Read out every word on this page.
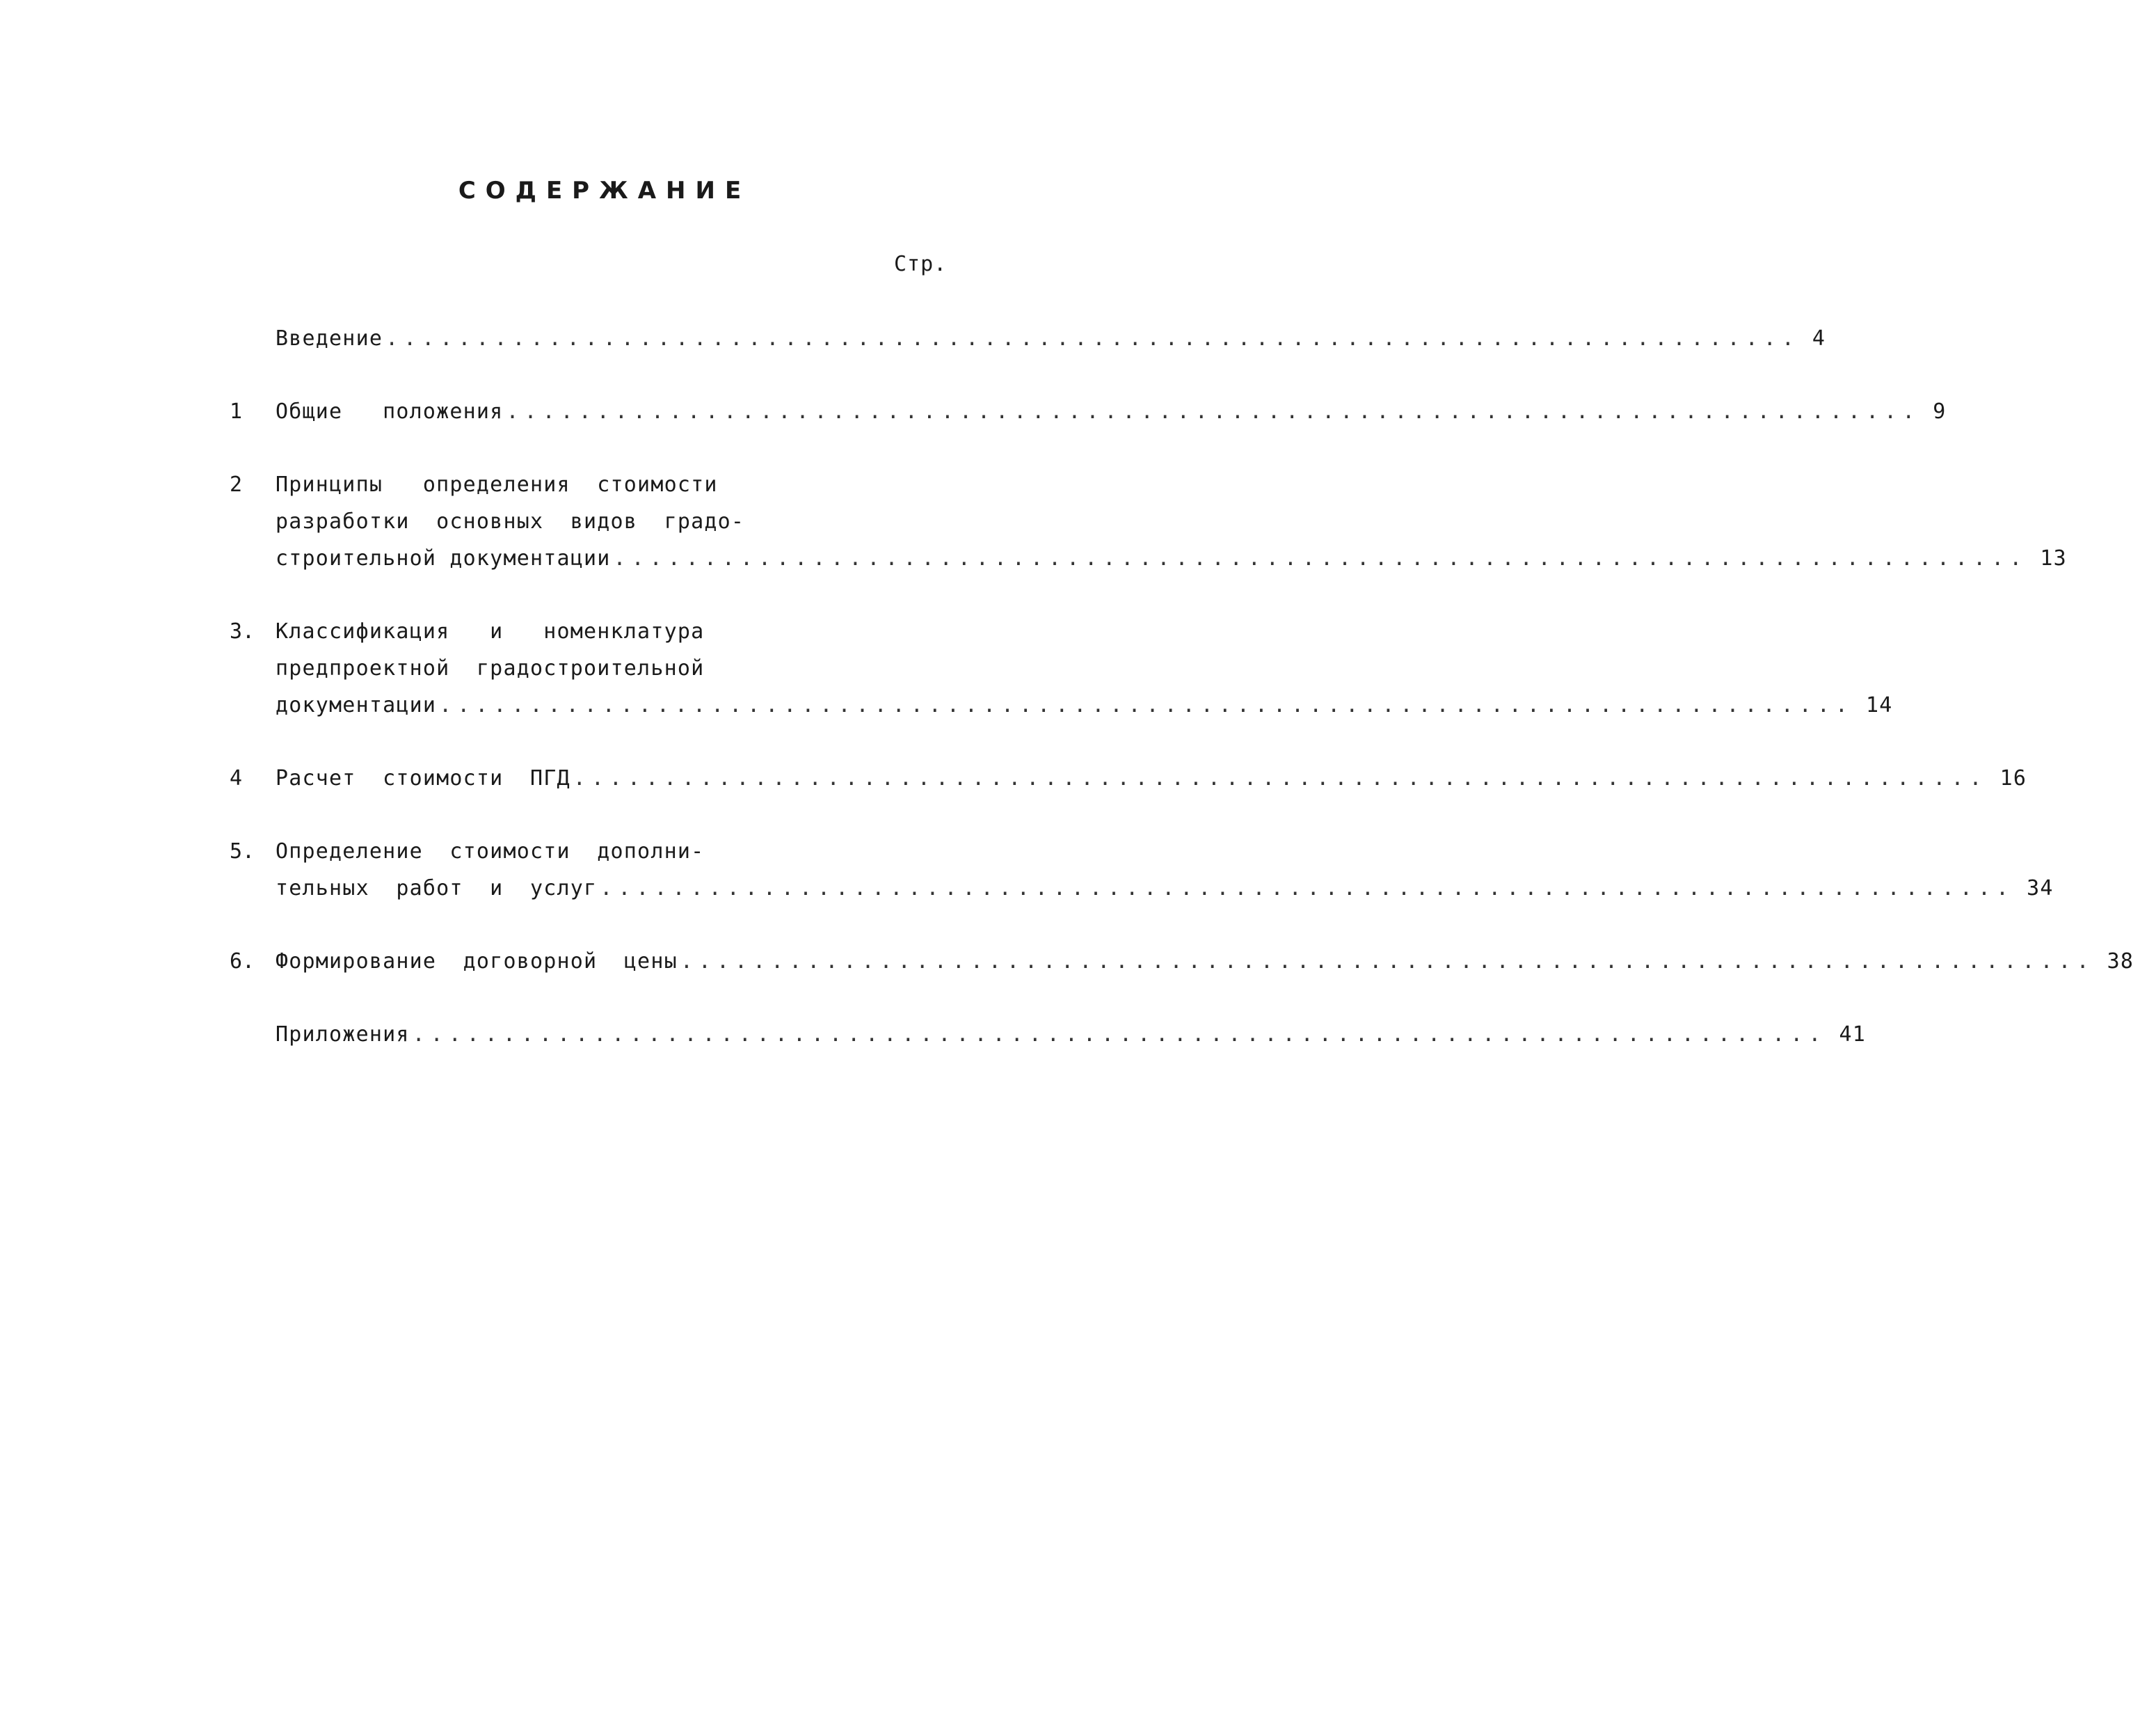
СОДЕРЖАНИЕ
Стр.
Введение .............................................................................. 4
1	Общие   положения .............................................................................. 9
2	Принципы   определения  стоимости
разработки  основных  видов  градо-
строительной документации .............................................................................. 13
3. Классификация   и   номенклатура
предпроектной  градостроительной
документации .............................................................................. 14
4	Расчет  стоимости  ПГД .............................................................................. 16
5. Определение  стоимости  дополни-
тельных  работ  и  услуг .............................................................................. 34
6. Формирование  договорной  цены .............................................................................. 38
Приложения .............................................................................. 41
